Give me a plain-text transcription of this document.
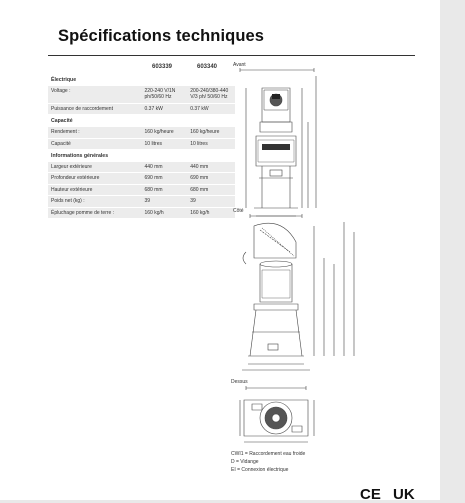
Spécifications techniques
603339	603340
Électrique		
Voltage :	220-240 V/1N ph/50/60 Hz	200-240/380-440 V/3 ph/ 50/60 Hz
Puissance de raccordement	0.37 kW	0.37 kW
Capacité		
Rendement :	160 kg/heure	160 kg/heure
Capacité	10 litres	10 litres
Informations générales		
Largeur extérieure	440 mm	440 mm
Profondeur extérieure	690 mm	690 mm
Hauteur extérieure	680 mm	680 mm
Poids net (kg) :	39	39
Épluchage pomme de terre :	160 kg/h	160 kg/h
Avant
Côté
Dessus
CWI1 = Raccordement eau froide
D = Vidange
EI = Connexion électrique
CE UK
